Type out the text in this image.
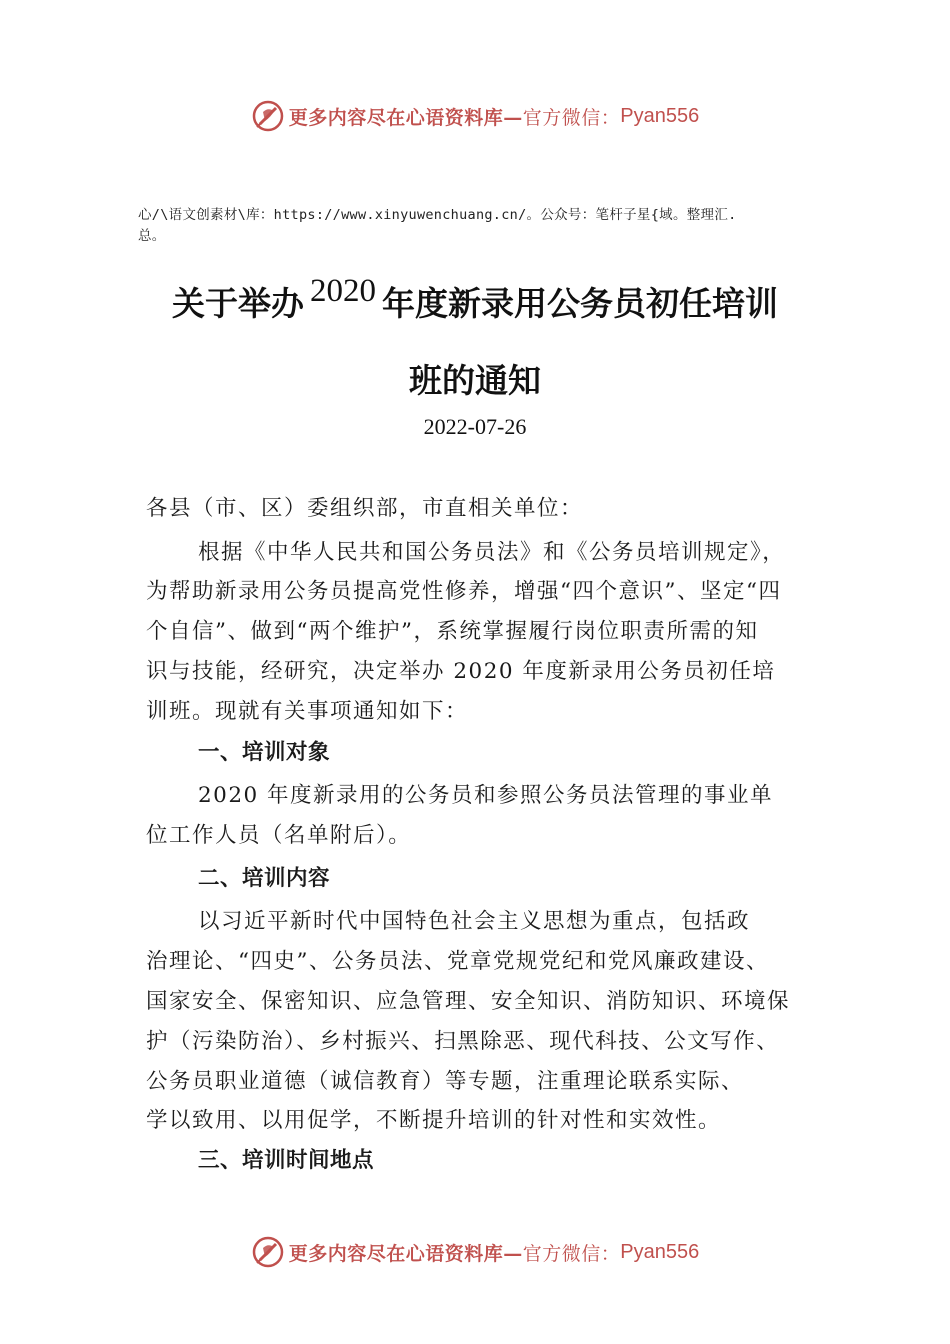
更多内容尽在心语资料库— 官方微信： Pyan556
心/\语文创素材\库：https://www.xinyuwenchuang.cn/。公众号：笔杆子星{域。整理汇.
总。
关于举办 2020 年度新录用公务员初任培训
班的通知
2022-07-26
各县（市、区）委组织部，市直相关单位：
根据《中华人民共和国公务员法》和《公务员培训规定》，
为帮助新录用公务员提高党性修养，增强“四个意识”、坚定“四
个自信”、做到“两个维护”，系统掌握履行岗位职责所需的知
识与技能，经研究，决定举办 2020 年度新录用公务员初任培
训班。现就有关事项通知如下：
一、培训对象
2020 年度新录用的公务员和参照公务员法管理的事业单
位工作人员（名单附后）。
二、培训内容
以习近平新时代中国特色社会主义思想为重点，包括政
治理论、“四史”、公务员法、党章党规党纪和党风廉政建设、
国家安全、保密知识、应急管理、安全知识、消防知识、环境保
护（污染防治）、乡村振兴、扫黑除恶、现代科技、公文写作、
公务员职业道德（诚信教育）等专题，注重理论联系实际、
学以致用、以用促学，不断提升培训的针对性和实效性。
三、培训时间地点
更多内容尽在心语资料库— 官方微信： Pyan556
